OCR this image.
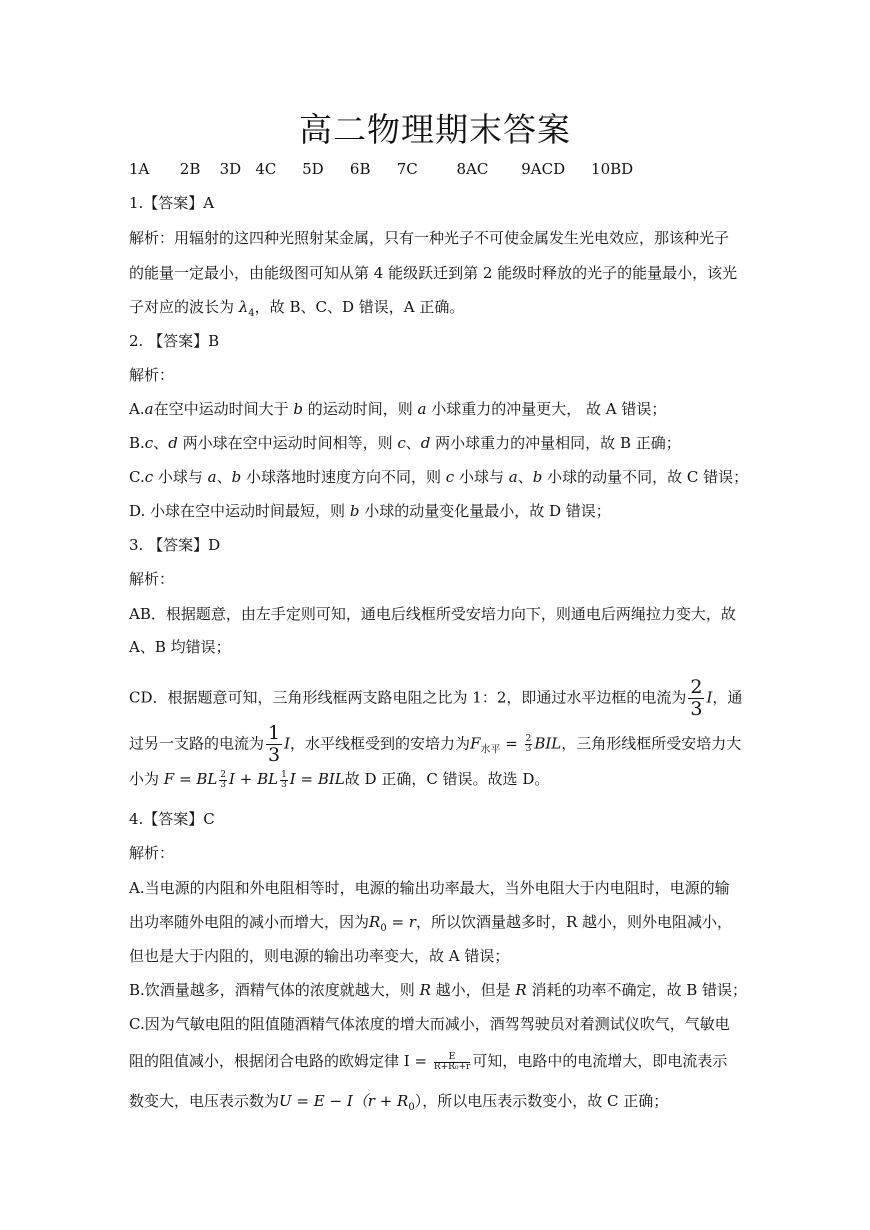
高二物理期末答案
1A 2B 3D 4C 5D 6B 7C	8AC 9ACD 10BD
1.【答案】A
解析：用辐射的这四种光照射某金属，只有一种光子不可使金属发生光电效应，那该种光子
的能量一定最小，由能级图可知从第 4 能级跃迁到第 2 能级时释放的光子的能量最小，该光
子对应的波长为 $\lambda_4$，故 B、C、D 错误，A 正确。
2. 【答案】B
解析：
A.a在空中运动时间大于 b 的运动时间，则 a 小球重力的冲量更大， 故 A 错误；
B.c、d 两小球在空中运动时间相等，则 c、d 两小球重力的冲量相同，故 B 正确；
C.c 小球与 a、b 小球落地时速度方向不同，则 c 小球与 a、b 小球的动量不同，故 C 错误；
D. 小球在空中运动时间最短，则 b 小球的动量变化量最小，故 D 错误；
3. 【答案】D
解析：
AB．根据题意，由左手定则可知，通电后线框所受安培力向下，则通电后两绳拉力变大，故
A、B 均错误；
CD．根据题意可知，三角形线框两支路电阻之比为 1：2，即通过水平边框的电流为 $\frac{2}{3}$ I，通
过另一支路的电流为 $\frac{1}{3}$ I，水平线框受到的安培力为$F_{水平} = \frac{2}{3}$ BIL，三角形线框所受安培力大
小为 F = BL $\frac{2}{3}$ I + BL $\frac{1}{3}$ I = BIL故 D 正确，C 错误。故选 D。
4.【答案】C
解析：
A.当电源的内阻和外电阻相等时，电源的输出功率最大，当外电阻大于内电阻时，电源的输
出功率随外电阻的减小而增大，因为$R_0 = r$，所以饮酒量越多时，R 越小，则外电阻减小，
但也是大于内阻的，则电源的输出功率变大，故 A 错误；
B.饮酒量越多，酒精气体的浓度就越大，则 R 越小，但是 R 消耗的功率不确定，故 B 错误；
C.因为气敏电阻的阻值随酒精气体浓度的增大而减小，酒驾驾驶员对着测试仪吹气，气敏电
阻的阻值减小，根据闭合电路的欧姆定律 $I = \frac{E}{\text{R+R₀+r}}$ 可知，电路中的电流增大，即电流表示
数变大，电压表示数为$U = E - I(r + R_0)$，所以电压表示数变小，故 C 正确；
